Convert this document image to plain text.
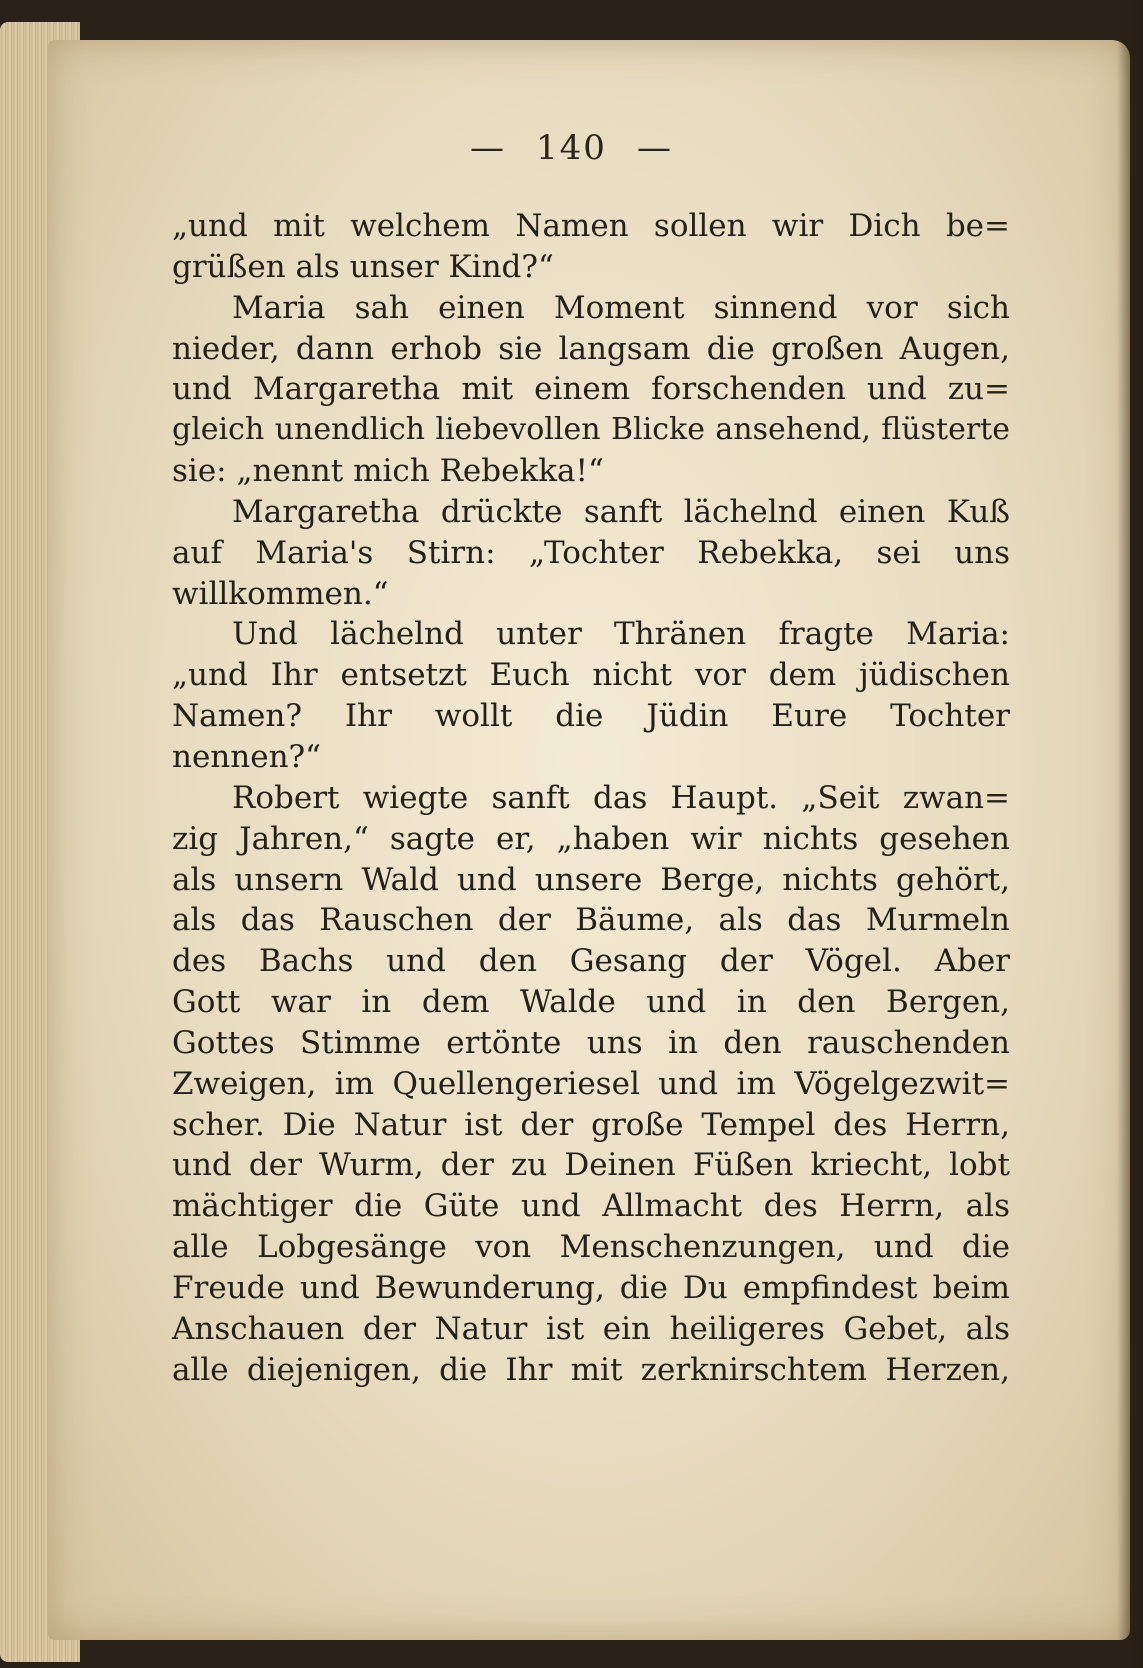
— 140 —
„und mit welchem Namen sollen wir Dich be=
grüßen als unser Kind?“
Maria sah einen Moment sinnend vor sich
nieder, dann erhob sie langsam die großen Augen,
und Margaretha mit einem forschenden und zu=
gleich unendlich liebevollen Blicke ansehend, flüsterte
sie: „nennt mich Rebekka!“
Margaretha drückte sanft lächelnd einen Kuß
auf Maria's Stirn: „Tochter Rebekka, sei uns
willkommen.“
Und lächelnd unter Thränen fragte Maria:
„und Ihr entsetzt Euch nicht vor dem jüdischen
Namen? Ihr wollt die Jüdin Eure Tochter
nennen?“
Robert wiegte sanft das Haupt. „Seit zwan=
zig Jahren,“ sagte er, „haben wir nichts gesehen
als unsern Wald und unsere Berge, nichts gehört,
als das Rauschen der Bäume, als das Murmeln
des Bachs und den Gesang der Vögel. Aber
Gott war in dem Walde und in den Bergen,
Gottes Stimme ertönte uns in den rauschenden
Zweigen, im Quellengeriesel und im Vögelgezwit=
scher. Die Natur ist der große Tempel des Herrn,
und der Wurm, der zu Deinen Füßen kriecht, lobt
mächtiger die Güte und Allmacht des Herrn, als
alle Lobgesänge von Menschenzungen, und die
Freude und Bewunderung, die Du empfindest beim
Anschauen der Natur ist ein heiligeres Gebet, als
alle diejenigen, die Ihr mit zerknirschtem Herzen,
